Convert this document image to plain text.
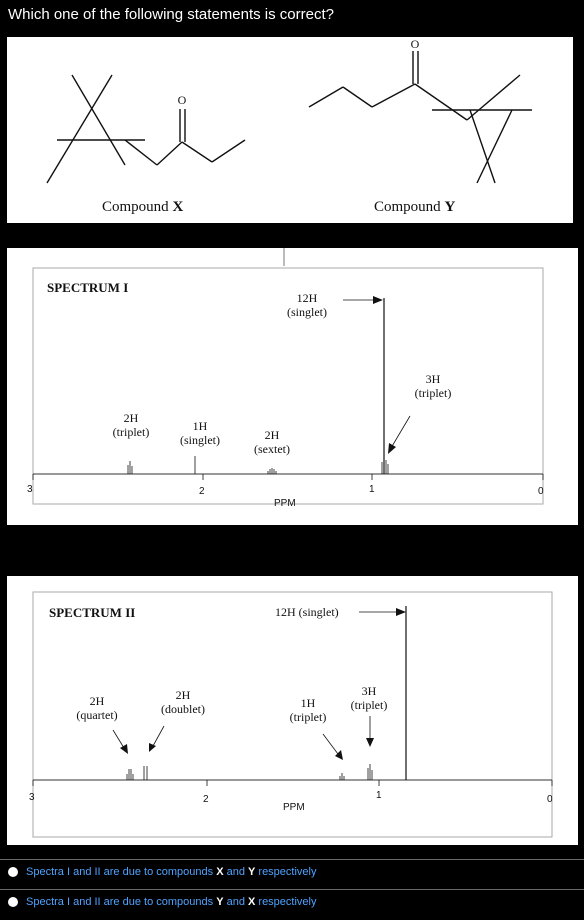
Which one of the following statements is correct?
O
O
Compound X	Compound Y
SPECTRUM I
2H
(triplet)	1H
(singlet)	2H
(sextet)
12H
(singlet)
3H
(triplet)
3	2	1	0
PPM
SPECTRUM II	12H (singlet)
2H
(quartet)
2H
(doublet)	1H
(triplet)
3H
(triplet)
3	2	1	0
PPM
Spectra I and II are due to compounds X and Y respectively
Spectra I and II are due to compounds Y and X respectively
